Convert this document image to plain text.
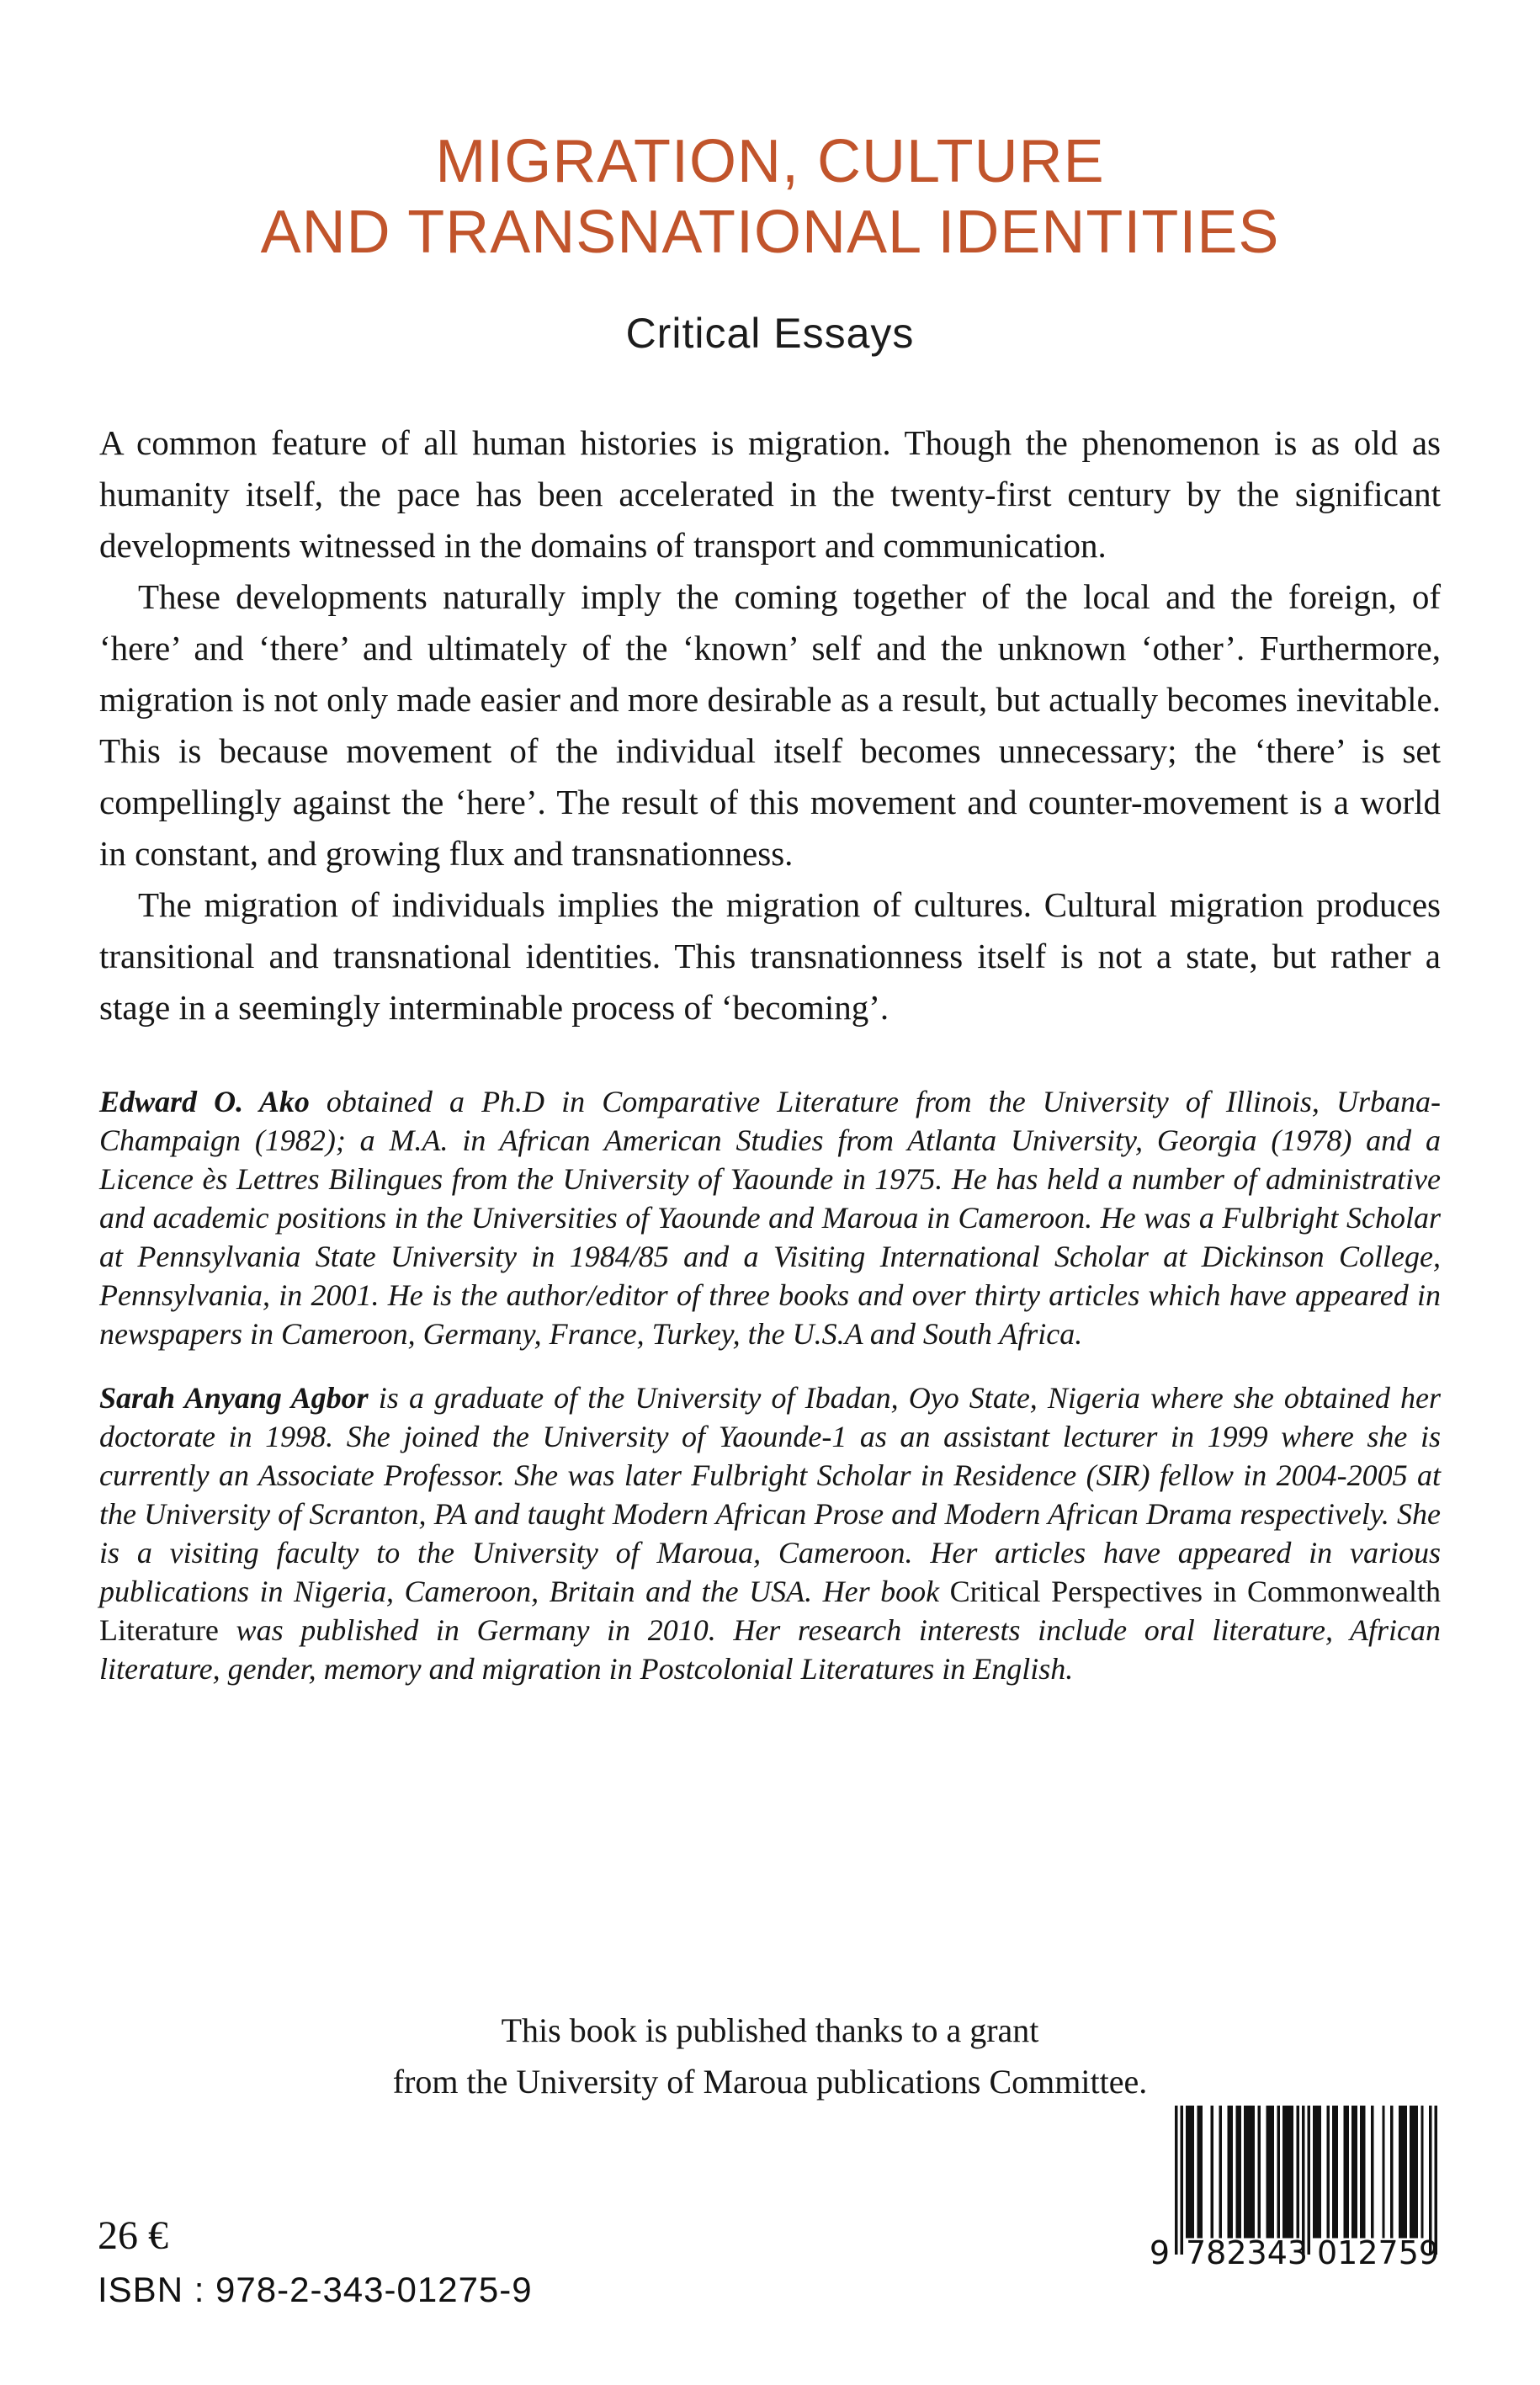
MIGRATION, CULTURE
AND TRANSNATIONAL IDENTITIES
Critical Essays

A common feature of all human histories is migration. Though the phenomenon is as old as humanity itself, the pace has been accelerated in the twenty-first century by the significant developments witnessed in the domains of transport and communication.

These developments naturally imply the coming together of the local and the foreign, of ‘here’ and ‘there’ and ultimately of the ‘known’ self and the unknown ‘other’. Furthermore, migration is not only made easier and more desirable as a result, but actually becomes inevitable. This is because movement of the individual itself becomes unnecessary; the ‘there’ is set compellingly against the ‘here’. The result of this movement and counter-movement is a world in constant, and growing flux and transnationness.

The migration of individuals implies the migration of cultures. Cultural migration produces transitional and transnational identities. This transnationness itself is not a state, but rather a stage in a seemingly interminable process of ‘becoming’.

Edward O. Ako obtained a Ph.D in Comparative Literature from the University of Illinois, Urbana-Champaign (1982); a M.A. in African American Studies from Atlanta University, Georgia (1978) and a Licence ès Lettres Bilingues from the University of Yaounde in 1975. He has held a number of administrative and academic positions in the Universities of Yaounde and Maroua in Cameroon. He was a Fulbright Scholar at Pennsylvania State University in 1984/85 and a Visiting International Scholar at Dickinson College, Pennsylvania, in 2001. He is the author/editor of three books and over thirty articles which have appeared in newspapers in Cameroon, Germany, France, Turkey, the U.S.A and South Africa.

Sarah Anyang Agbor is a graduate of the University of Ibadan, Oyo State, Nigeria where she obtained her doctorate in 1998. She joined the University of Yaounde-1 as an assistant lecturer in 1999 where she is currently an Associate Professor. She was later Fulbright Scholar in Residence (SIR) fellow in 2004-2005 at the University of Scranton, PA and taught Modern African Prose and Modern African Drama respectively. She is a visiting faculty to the University of Maroua, Cameroon. Her articles have appeared in various publications in Nigeria, Cameroon, Britain and the USA. Her book Critical Perspectives in Commonwealth Literature was published in Germany in 2010. Her research interests include oral literature, African literature, gender, memory and migration in Postcolonial Literatures in English.

This book is published thanks to a grant
from the University of Maroua publications Committee.

26 €
ISBN : 978-2-343-01275-9
9 782343 012759
